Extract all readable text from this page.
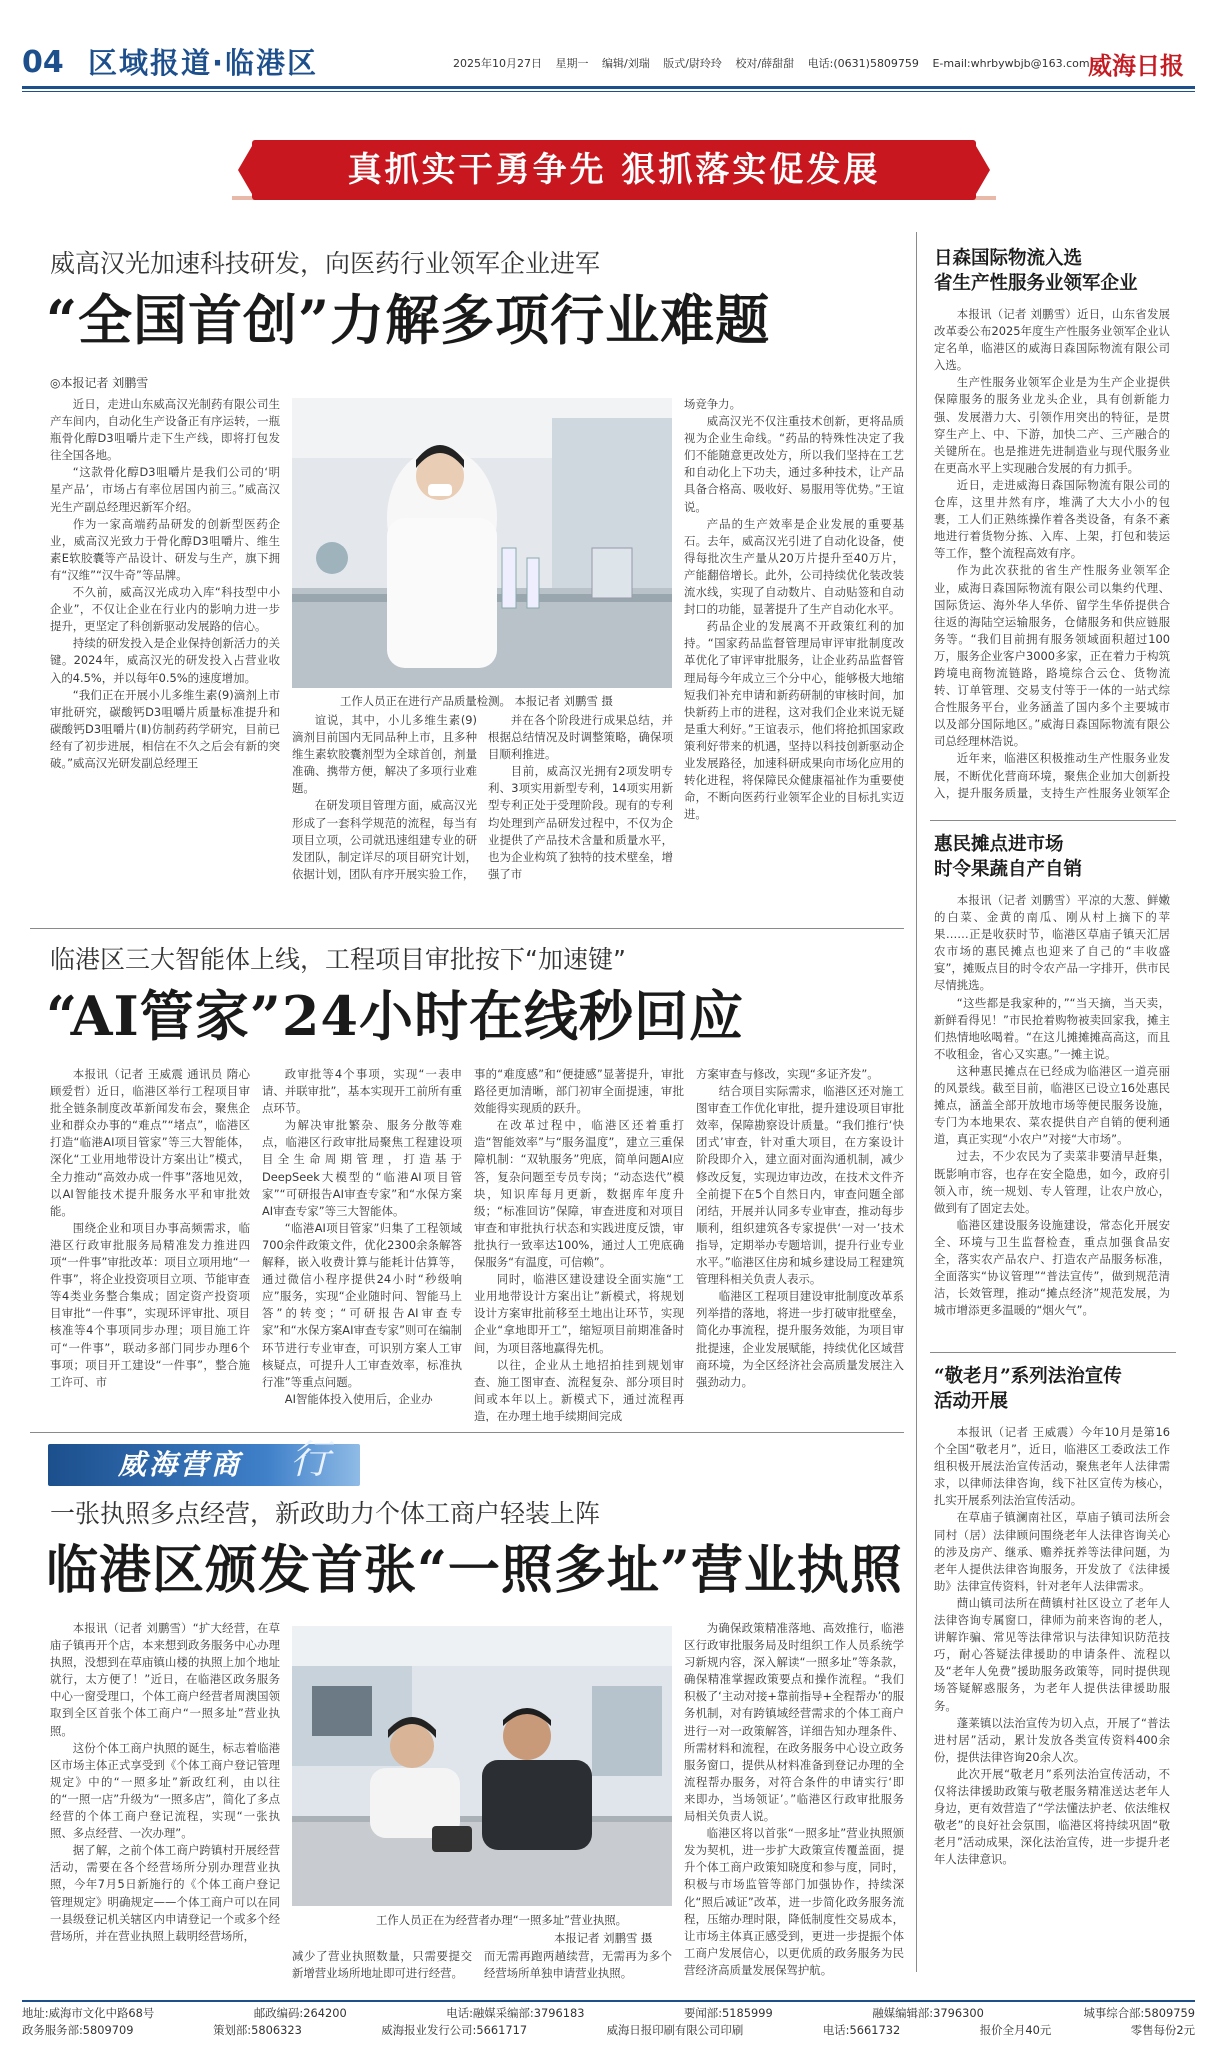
04 区域报道·临港区	2025年10月27日 星期一 编辑/刘瑞 版式/尉玲玲 校对/薛甜甜 电话:(0631)5809759 E-mail:whrbywbjb@163.com
威海日报
真抓实干勇争先 狠抓落实促发展
威高汉光加速科技研发，向医药行业领军企业进军
“全国首创”力解多项行业难题
◎本报记者 刘鹏雪

近日，走进山东威高汉光制药有限公司生产车间内，自动化生产设备正有序运转，一瓶瓶骨化醇D3咀嚼片走下生产线，即将打包发往全国各地。

“这款骨化醇D3咀嚼片是我们公司的‘明星产品’，市场占有率位居国内前三。”威高汉光生产副总经理迟新军介绍。

作为一家高端药品研发的创新型医药企业，威高汉光致力于骨化醇D3咀嚼片、维生素E软胶囊等产品设计、研发与生产，旗下拥有“汉维”“汉牛奇”等品牌。

不久前，威高汉光成功入库“科技型中小企业”，不仅让企业在行业内的影响力进一步提升，更坚定了科创新驱动发展路的信心。

持续的研发投入是企业保持创新活力的关键。2024年，威高汉光的研发投入占营业收入的4.5%，并以每年0.5%的速度增加。

“我们正在开展小儿多维生素(9)滴剂上市审批研究，碳酸钙D3咀嚼片质量标准提升和碳酸钙D3咀嚼片(Ⅱ)仿制药药学研究，目前已经有了初步进展，相信在不久之后会有新的突破。”威高汉光研发副总经理王

工作人员正在进行产品质量检测。 本报记者 刘鹏雪 摄

谊说，其中，小儿多维生素(9)滴剂目前国内无同品种上市，且多种维生素软胶囊剂型为全球首创，剂量准确、携带方便，解决了多项行业难题。

在研发项目管理方面，威高汉光形成了一套科学规范的流程，每当有项目立项，公司就迅速组建专业的研发团队，制定详尽的项目研究计划，依据计划，团队有序开展实验工作，

并在各个阶段进行成果总结，并根据总结情况及时调整策略，确保项目顺利推进。

目前，威高汉光拥有2项发明专利、3项实用新型专利，14项实用新型专利正处于受理阶段。现有的专利均处理到产品研发过程中，不仅为企业提供了产品技术含量和质量水平，也为企业构筑了独特的技术壁垒，增强了市

场竞争力。

威高汉光不仅注重技术创新，更将品质视为企业生命线。“药品的特殊性决定了我们不能随意更改处方，所以我们坚持在工艺和自动化上下功夫，通过多种技术，让产品具备合格高、吸收好、易服用等优势。”王谊说。

产品的生产效率是企业发展的重要基石。去年，威高汉光引进了自动化设备，使得每批次生产量从20万片提升至40万片，产能翻倍增长。此外，公司持续优化装改装流水线，实现了自动数片、自动贴签和自动封口的功能，显著提升了生产自动化水平。

药品企业的发展离不开政策红利的加持。“国家药品监督管理局审评审批制度改革优化了审评审批服务，让企业药品监督管理局每今年成立三个分中心，能够极大地缩短我们补充申请和新药研制的审核时间，加快新药上市的进程，这对我们企业来说无疑是重大利好。”王谊表示，他们将抢抓国家政策利好带来的机遇，坚持以科技创新驱动企业发展路径，加速科研成果向市场化应用的转化进程，将保障民众健康福祉作为重要使命，不断向医药行业领军企业的目标扎实迈进。

临港区三大智能体上线，工程项目审批按下“加速键”
“AI管家”24小时在线秒回应

本报讯（记者 王威震 通讯员 隋心 顾爱哲）近日，临港区举行工程项目审批全链条制度改革新闻发布会，聚焦企业和群众办事的“难点”“堵点”，临港区打造“临港AI项目管家”等三大智能体，深化“工业用地带设计方案出让”模式，全力推动“高效办成一件事”落地见效，以AI智能技术提升服务水平和审批效能。

围绕企业和项目办事高频需求，临港区行政审批服务局精准发力推进四项“一件事”审批改革：项目立项用地“一件事”，将企业投资项目立项、节能审查等4类业务整合集成；固定资产投资项目审批“一件事”，实现环评审批、项目核准等4个事项同步办理；项目施工许可“一件事”，联动多部门同步办理6个事项；项目开工建设“一件事”，整合施工许可、市

政审批等4个事项，实现“一表申请、并联审批”，基本实现开工前所有重点环节。

为解决审批繁杂、服务分散等难点，临港区行政审批局聚焦工程建设项目全生命周期管理，打造基于DeepSeek大模型的“临港AI项目管家”“可研报告AI审查专家”和“水保方案AI审查专家”等三大智能体。

“临港AI项目管家”归集了工程领域700余件政策文件，优化2300余条解答解释，嵌入收费计算与能耗计估算等，通过微信小程序提供24小时“秒级响应”服务，实现“企业随时问、智能马上答”的转变；“可研报告AI审查专家”和“水保方案AI审查专家”则可在编制环节进行专业审查，可识别方案人工审核疑点，可提升人工审查效率，标准执行准”等重点问题。

AI智能体投入使用后，企业办

事的“难度感”和“便捷感”显著提升，审批路径更加清晰，部门初审全面提速，审批效能得实现质的跃升。

在改革过程中，临港区还着重打造“智能效率”与“服务温度”，建立三重保障机制：“双轨服务”兜底，简单问题AI应答，复杂问题至专员专岗；“动态迭代”模块，知识库每月更新，数据库年度升级；“标准回访”保障，审查进度和对项目审查和审批执行状态和实践进度反馈，审批执行一致率达100%，通过人工兜底确保服务“有温度，可信赖”。

同时，临港区建设建设全面实施“工业用地带设计方案出让”新模式，将规划设计方案审批前移至土地出让环节，实现企业“拿地即开工”，缩短项目前期准备时间，为项目落地赢得先机。

以往，企业从土地招拍挂到规划审查、施工图审查、流程复杂、部分项目时间或本年以上。新模式下，通过流程再造，在办理土地手续期间完成

方案审查与修改，实现“多证齐发”。

结合项目实际需求，临港区还对施工图审查工作优化审批，提升建设项目审批效率，保障勘察设计质量。“我们推行‘快团式’审查，针对重大项目，在方案设计阶段即介入，建立面对面沟通机制，减少修改反复，实现边审边改，在技术文件齐全前提下在5个自然日内，审查问题全部闭结，开展并认同多专业审查，推动每步顺利，组织建筑各专家提供‘一对一’技术指导，定期举办专题培训，提升行业专业水平。”临港区住房和城乡建设局工程建筑管理科相关负责人表示。

临港区工程项目建设审批制度改革系列举措的落地，将进一步打破审批壁垒，简化办事流程，提升服务效能，为项目审批提速，企业发展赋能，持续优化区域营商环境，为全区经济社会高质量发展注入强劲动力。

威海营商 行
一张执照多点经营，新政助力个体工商户轻装上阵
临港区颁发首张“一照多址”营业执照

本报讯（记者 刘鹏雪）“扩大经营，在草庙子镇再开个店，本来想到政务服务中心办理执照，没想到在草庙镇山楼的执照上加个地址就行，太方便了！”近日，在临港区政务服务中心一窗受理口，个体工商户经营者周澳国领取到全区首张个体工商户“一照多址”营业执照。

这份个体工商户执照的诞生，标志着临港区市场主体正式享受到《个体工商户登记管理规定》中的“一照多址”新政红利，由以往的“一照一店”升级为“一照多店”，简化了多点经营的个体工商户登记流程，实现“一张执照、多点经营、一次办理”。

据了解，之前个体工商户跨镇村开展经营活动，需要在各个经营场所分别办理营业执照，今年7月5日新施行的《个体工商户登记管理规定》明确规定——个体工商户可以在同一县级登记机关辖区内申请登记一个或多个经营场所，并在营业执照上载明经营场所，

工作人员正在为经营者办理“一照多址”营业执照。
本报记者 刘鹏雪 摄

减少了营业执照数量，只需要提交新增营业场所地址即可进行经营。

而无需再跑两趟续营，无需再为多个经营场所单独申请营业执照。

为确保政策精准落地、高效推行，临港区行政审批服务局及时组织工作人员系统学习新规内容，深入解读“一照多址”等条款，确保精准掌握政策要点和操作流程。“我们积极了‘主动对接+靠前指导+全程帮办’的服务机制，对有跨镇域经营需求的个体工商户进行一对一政策解答，详细告知办理条件、所需材料和流程，在政务服务中心设立政务服务窗口，提供从材料准备到登记办理的全流程帮办服务，对符合条件的申请实行‘即来即办，当场领证’。”临港区行政审批服务局相关负责人说。

临港区将以首张“一照多址”营业执照颁发为契机，进一步扩大政策宣传覆盖面，提升个体工商户政策知晓度和参与度，同时，积极与市场监管等部门加强协作，持续深化“照后减证”改革，进一步简化政务服务流程，压缩办理时限，降低制度性交易成本，让市场主体真正感受到，更进一步提振个体工商户发展信心，以更优质的政务服务为民营经济高质量发展保驾护航。

日森国际物流入选
省生产性服务业领军企业

本报讯（记者 刘鹏雪）近日，山东省发展改革委公布2025年度生产性服务业领军企业认定名单，临港区的威海日森国际物流有限公司入选。

生产性服务业领军企业是为生产企业提供保障服务的服务业龙头企业，具有创新能力强、发展潜力大、引领作用突出的特征，是贯穿生产上、中、下游，加快二产、三产融合的关键所在。也是推进先进制造业与现代服务业在更高水平上实现融合发展的有力抓手。

近日，走进威海日森国际物流有限公司的仓库，这里井然有序，堆满了大大小小的包裹，工人们正熟练操作着各类设备，有条不紊地进行着货物分拣、入库、上架，打包和装运等工作，整个流程高效有序。

作为此次获批的省生产性服务业领军企业，威海日森国际物流有限公司以集约代理、国际货运、海外华人华侨、留学生华侨提供合往返的海陆空运输服务，仓储服务和供应链服务等。“我们目前拥有服务领域面积超过100万，服务企业客户3000多家，正在着力于构筑跨境电商物流链路，路境综合云仓、货物流转、订单管理、交易支付等于一体的一站式综合性服务平台，业务涵盖了国内多个主要城市以及部分国际地区。”威海日森国际物流有限公司总经理林浩说。

近年来，临港区积极推动生产性服务业发展，不断优化营商环境，聚焦企业加大创新投入，提升服务质量，支持生产性服务业领军企

惠民摊点进市场
时令果蔬自产自销

本报讯（记者 刘鹏雪）平凉的大葱、鲜嫩的白菜、金黄的南瓜、刚从村上摘下的苹果……正是收获时节，临港区草庙子镇天汇居农市场的惠民摊点也迎来了自己的“丰收盛宴”，摊贩点目的时令农产品一字排开，供市民尽情挑选。

“这些都是我家种的，”“当天摘，当天卖，新鲜看得见！”市民抢着购物被卖回家我，摊主们热情地吆喝着。“在这儿摊摊摊高高这，而且不收租金，省心又实惠。”一摊主说。

这种惠民摊点在已经成为临港区一道亮丽的风景线。截至目前，临港区已设立16处惠民摊点，涵盖全部开放地市场等便民服务设施，专门为本地果农、菜农提供自产自销的便利通道，真正实现“小农户”对接“大市场”。

过去，不少农民为了卖菜非要清早赶集，既影响市容，也存在安全隐患，如今，政府引领入市，统一规划、专人管理，让农户放心，做到有了固定去处。

临港区建设服务设施建设，常态化开展安全、环境与卫生监督检查，重点加强食品安全，落实农产品农户、打造农产品服务标准，全面落实“协议管理”“普法宣传”，做到规范清洁，长效管理，推动“摊点经济”规范发展，为城市增添更多温暖的“烟火气”。

“敬老月”系列法治宣传
活动开展

本报讯（记者 王威震）今年10月是第16个全国“敬老月”，近日，临港区工委政法工作组积极开展法治宣传活动，聚焦老年人法律需求，以律师法律咨询，线下社区宣传为核心，扎实开展系列法治宣传活动。

在草庙子镇澜南社区，草庙子镇司法所会同村（居）法律顾问围绕老年人法律咨询关心的涉及房产、继承、赡养抚养等法律问题，为老年人提供法律咨询服务，开发放了《法律援助》法律宣传资料，针对老年人法律需求。

蔄山镇司法所在蔄镇村社区设立了老年人法律咨询专属窗口，律师为前来咨询的老人，讲解诈骗、常见等法律常识与法律知识防范技巧，耐心答疑法律援助的申请条件、流程以及“老年人免费”援助服务政策等，同时提供现场答疑解惑服务，为老年人提供法律援助服务。

蓬莱镇以法治宣传为切入点，开展了“普法进村居”活动，累计发放各类宣传资料400余份，提供法律咨询20余人次。

此次开展“敬老月”系列法治宣传活动，不仅将法律援助政策与敬老服务精准送达老年人身边，更有效营造了“学法懂法护老、依法维权敬老”的良好社会氛围，临港区将持续巩固“敬老月”活动成果，深化法治宣传，进一步提升老年人法律意识。

地址:威海市文化中路68号	邮政编码:264200	电话:融媒采编部:3796183	要闻部:5185999	融媒编辑部:3796300	城事综合部:5809759
政务服务部:5809709	策划部:5806323	威海报业发行公司:5661717	威海日报印刷有限公司印刷	电话:5661732	报价全月40元	零售每份2元
